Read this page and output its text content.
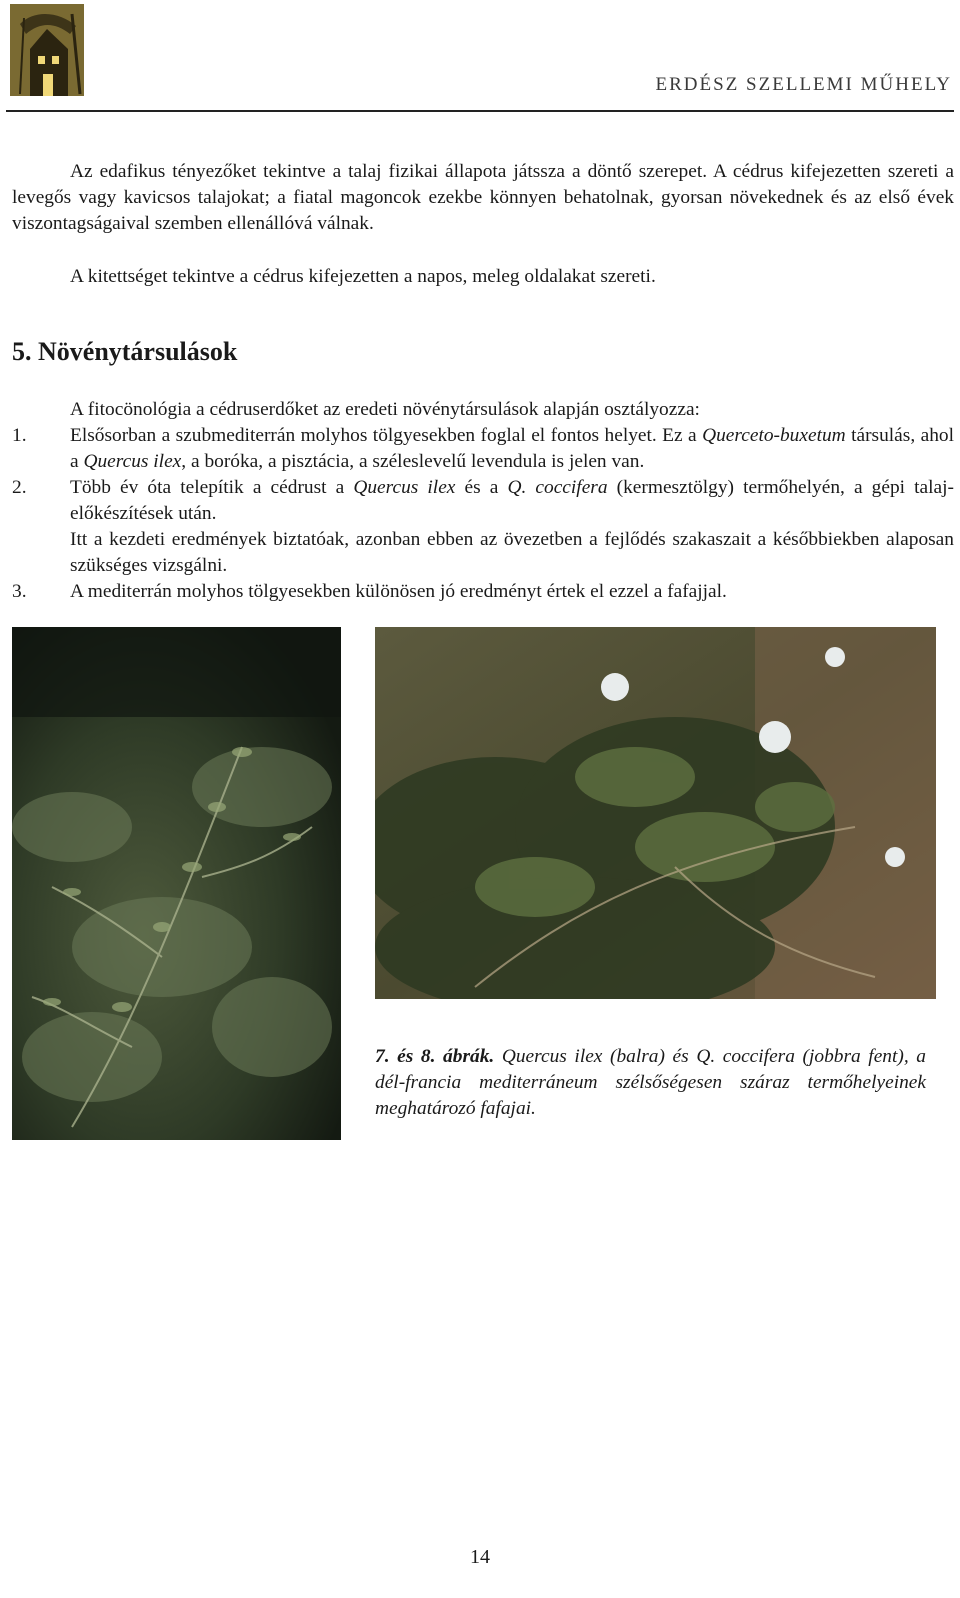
ERDÉSZ SZELLEMI MŰHELY
Az edafikus tényezőket tekintve a talaj fizikai állapota játssza a döntő szerepet. A cédrus kifejezetten szereti a levegős vagy kavicsos talajokat; a fiatal magoncok ezekbe könnyen behatolnak, gyorsan növekednek és az első évek viszontagságaival szemben ellenállóvá válnak.
A kitettséget tekintve a cédrus kifejezetten a napos, meleg oldalakat szereti.
5. Növénytársulások
A fitocönológia a cédruserdőket az eredeti növénytársulások alapján osztályozza:
1. Elsősorban a szubmediterrán molyhos tölgyesekben foglal el fontos helyet. Ez a Querceto-buxetum társulás, ahol a Quercus ilex, a boróka, a pisztácia, a széleslevelű levendula is jelen van.

2. Több év óta telepítik a cédrust a Quercus ilex és a Q. coccifera (kermesztölgy) termőhelyén, a gépi talaj-előkészítések után.

Itt a kezdeti eredmények biztatóak, azonban ebben az övezetben a fejlődés szakaszait a későbbiekben alaposan szükséges vizsgálni.

3. A mediterrán molyhos tölgyesekben különösen jó eredményt értek el ezzel a fafajjal.

7. és 8. ábrák. Quercus ilex (balra) és Q. coccifera (jobbra fent), a dél-francia mediterráneum szélsőségesen száraz termőhelyeinek meghatározó fafajai.
14
